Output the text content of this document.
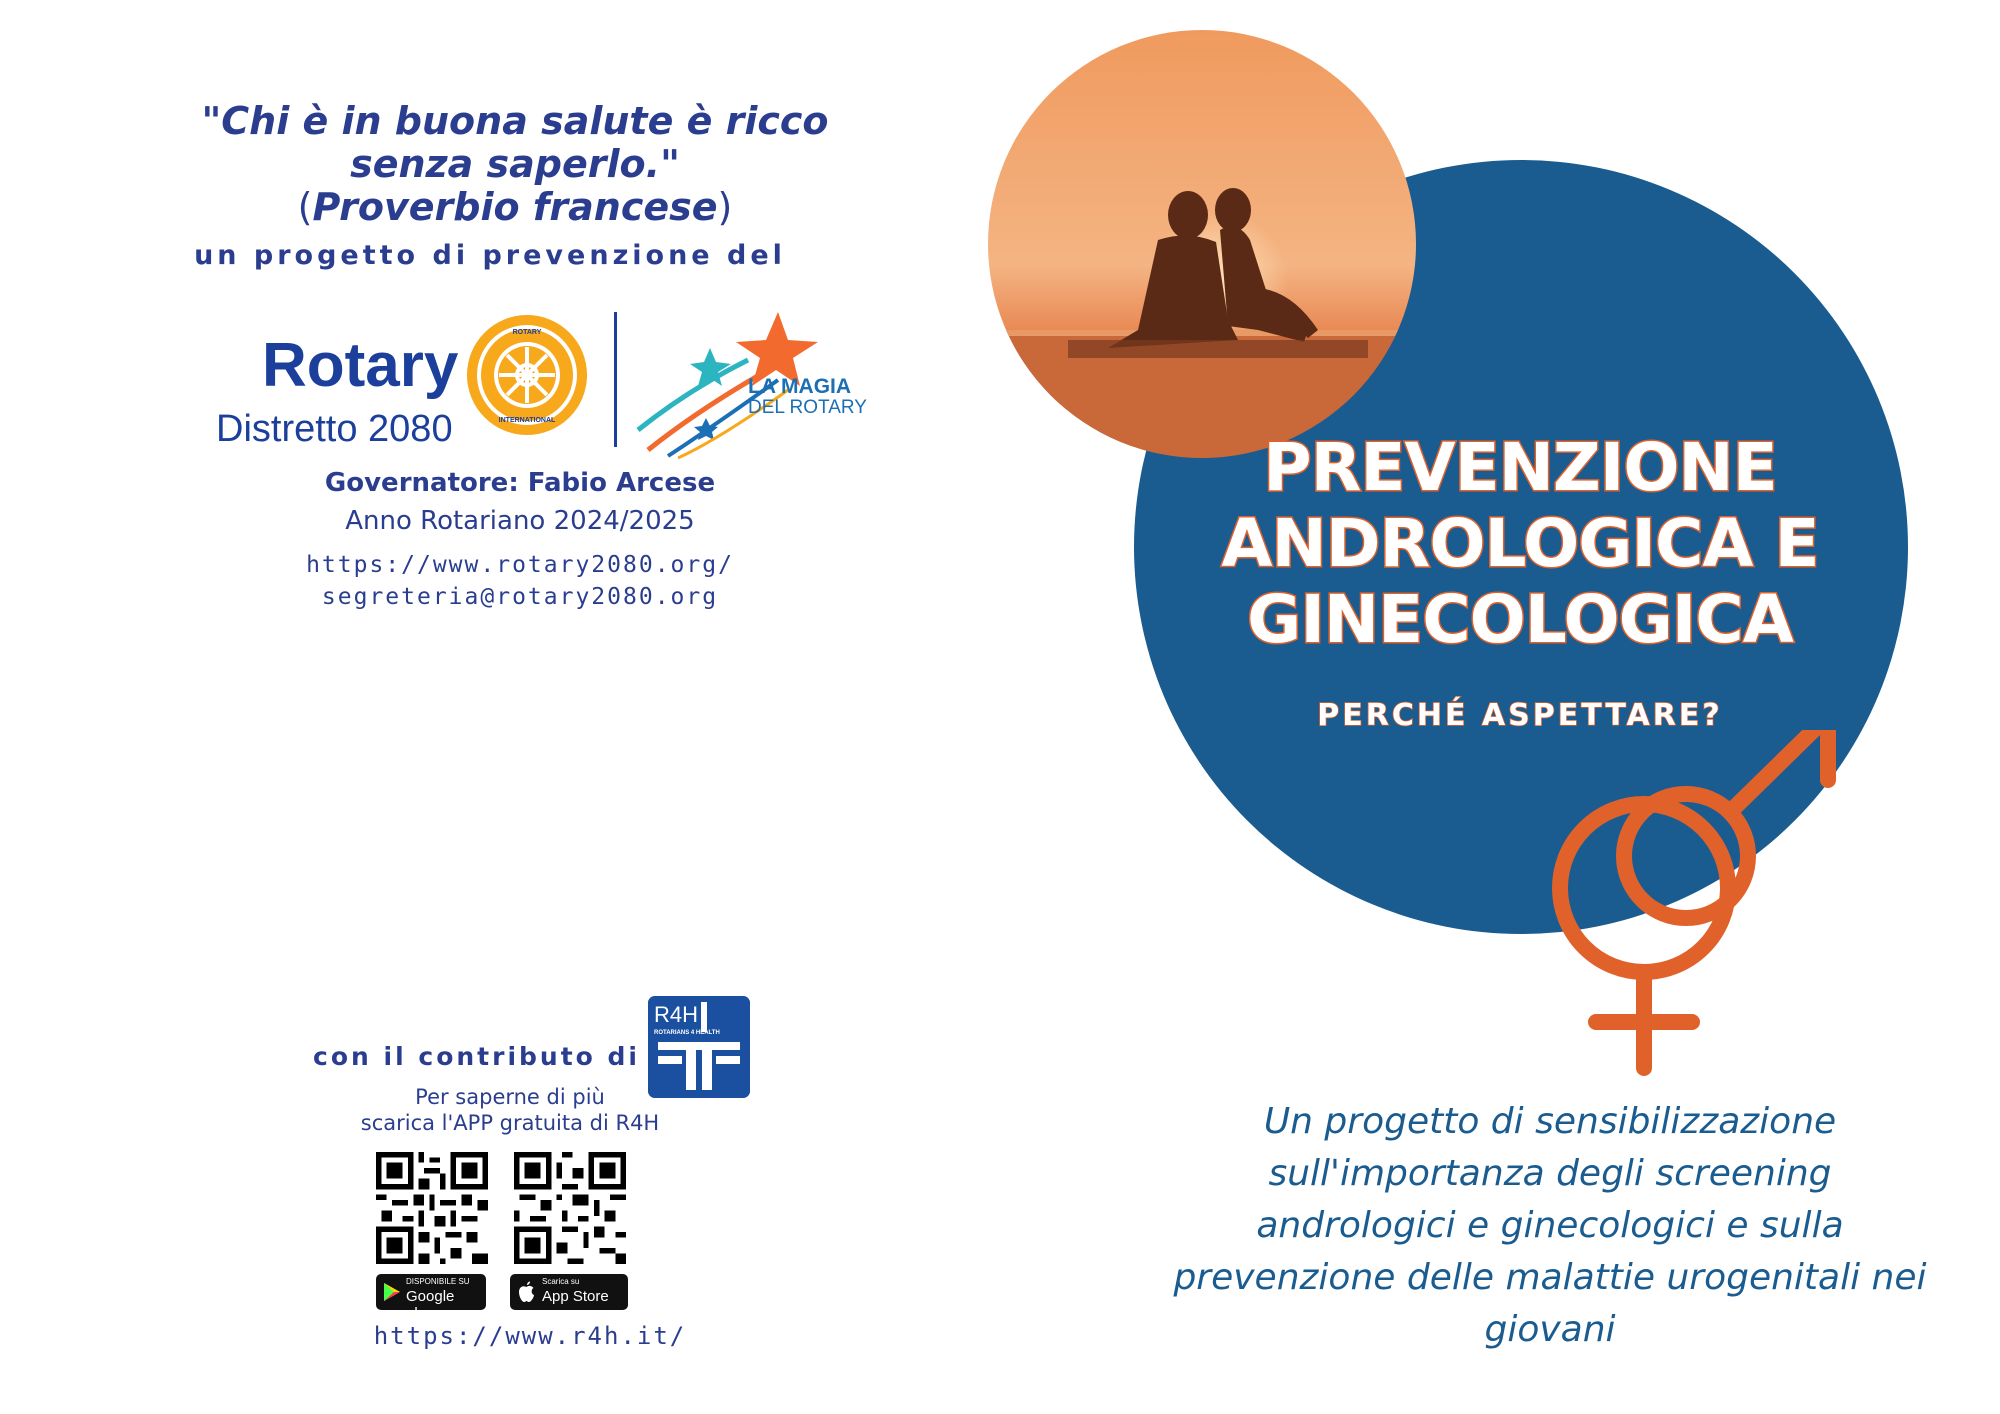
"Chi è in buona salute è ricco senza saperlo."
(Proverbio francese)
un progetto di prevenzione del
Rotary
Distretto 2080
ROTARY
INTERNATIONAL
LA MAGIA
DEL ROTARY
Governatore: Fabio Arcese
Anno Rotariano 2024/2025
https://www.rotary2080.org/
segreteria@rotary2080.org
con il contributo di
R4H
ROTARIANS 4 HEALTH
Per saperne di più
scarica l'APP gratuita di R4H
DISPONIBILE SU
Google play
Scarica su
App Store
https://www.r4h.it/
PREVENZIONE
ANDROLOGICA E
GINECOLOGICA
PERCHÉ ASPETTARE?
Un progetto di sensibilizzazione sull'importanza degli screening andrologici e ginecologici e sulla prevenzione delle malattie urogenitali nei giovani
